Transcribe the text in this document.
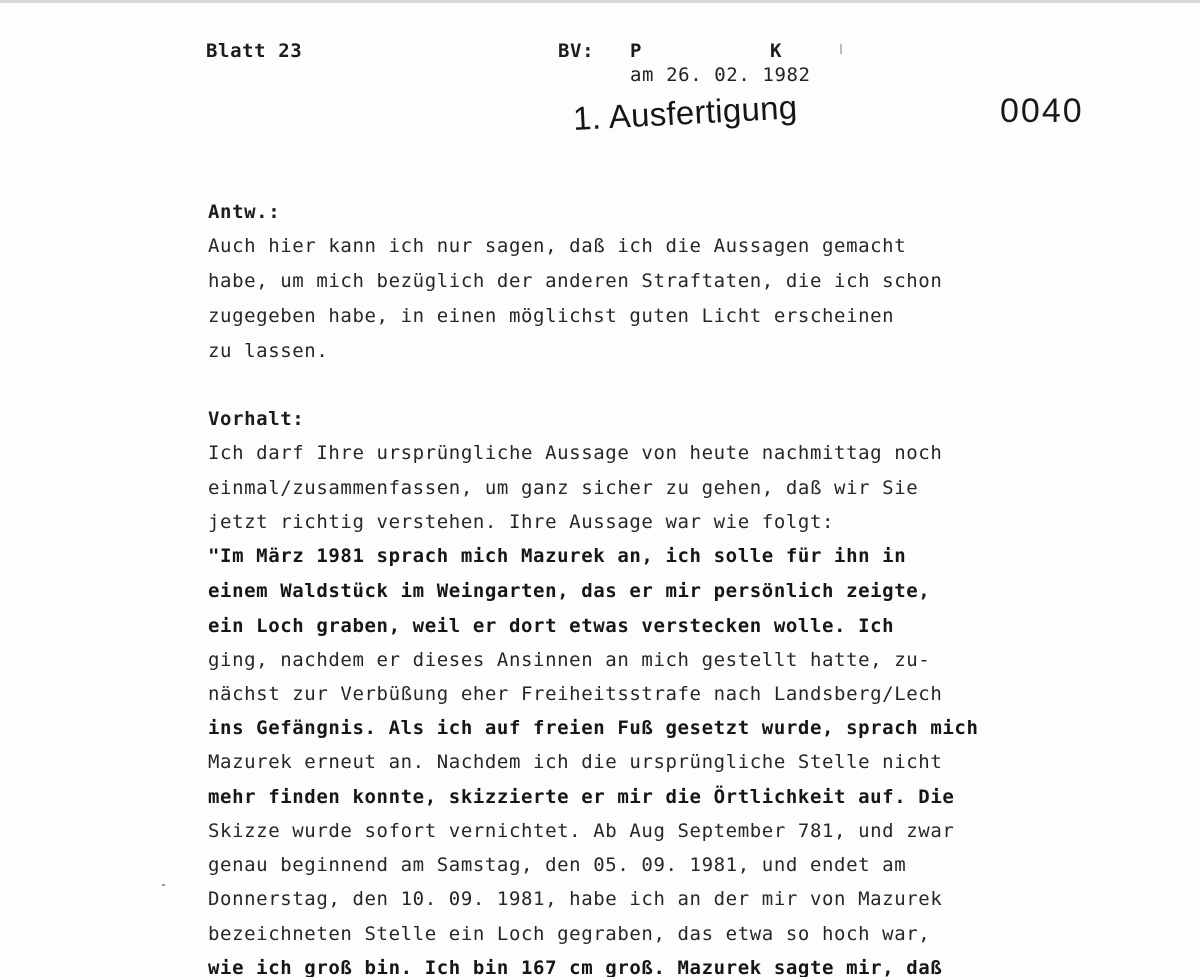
Blatt 23	BV: P	K
am 26. 02. 1982
1. Ausfertigung	0040
Antw.:
Auch hier kann ich nur sagen, daß ich die Aussagen gemacht
habe, um mich bezüglich der anderen Straftaten, die ich schon
zugegeben habe, in einen möglichst guten Licht erscheinen
zu lassen.
Vorhalt:
Ich darf Ihre ursprüngliche Aussage von heute nachmittag noch
einmal/zusammenfassen, um ganz sicher zu gehen, daß wir Sie
jetzt richtig verstehen. Ihre Aussage war wie folgt:
"Im März 1981 sprach mich Mazurek an, ich solle für ihn in
einem Waldstück im Weingarten, das er mir persönlich zeigte,
ein Loch graben, weil er dort etwas verstecken wolle. Ich
ging, nachdem er dieses Ansinnen an mich gestellt hatte, zu-
nächst zur Verbüßung eher Freiheitsstrafe nach Landsberg/Lech
ins Gefängnis. Als ich auf freien Fuß gesetzt wurde, sprach mich
Mazurek erneut an. Nachdem ich die ursprüngliche Stelle nicht
mehr finden konnte, skizzierte er mir die Örtlichkeit auf. Die
Skizze wurde sofort vernichtet. Ab Aug September 781, und zwar
genau beginnend am Samstag, den 05. 09. 1981, und endet am
Donnerstag, den 10. 09. 1981, habe ich an der mir von Mazurek
bezeichneten Stelle ein Loch gegraben, das etwa so hoch war,
wie ich groß bin. Ich bin 167 cm groß. Mazurek sagte mir, daß
